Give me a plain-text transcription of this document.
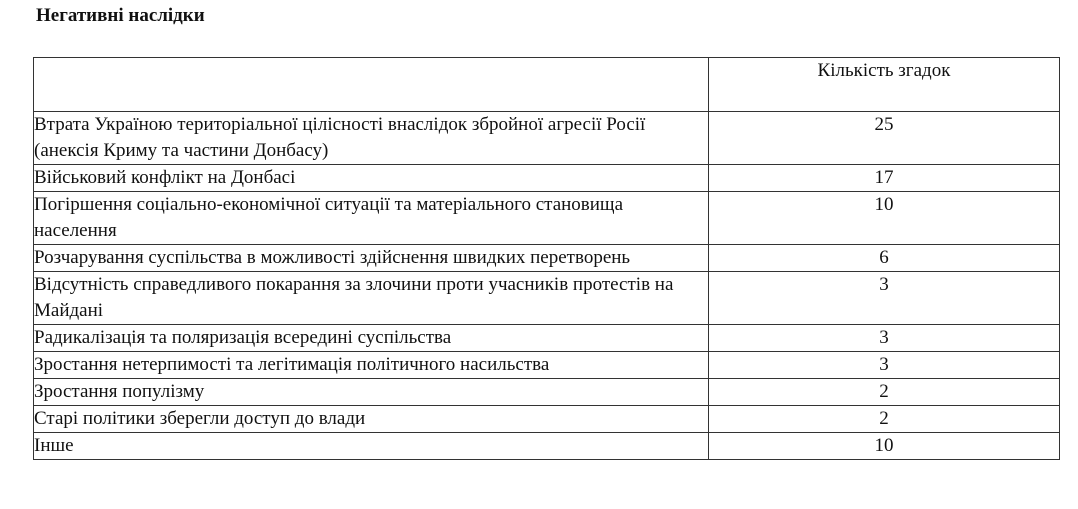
Негативні наслідки
	Кількість згадок
Втрата Україною територіальної цілісності внаслідок збройної агресії Росії (анексія Криму та частини Донбасу)	25
Військовий конфлікт на Донбасі	17
Погіршення соціально-економічної ситуації та матеріального становища населення	10
Розчарування суспільства в можливості здійснення швидких перетворень	6
Відсутність справедливого покарання за злочини проти учасників протестів на Майдані	3
Радикалізація та поляризація всередині суспільства	3
Зростання нетерпимості та легітимація політичного насильства	3
Зростання популізму	2
Старі політики зберегли доступ до влади	2
Інше	10
